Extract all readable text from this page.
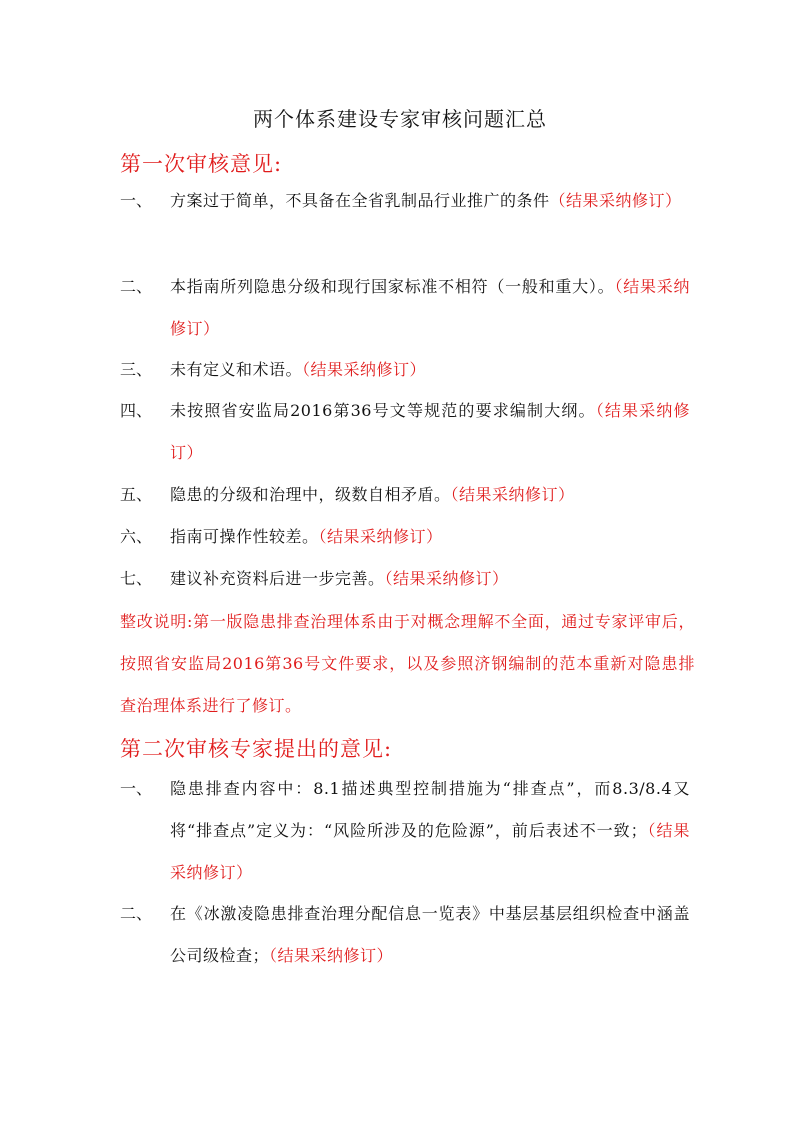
两个体系建设专家审核问题汇总
第一次审核意见:
一、	方案过于简单，不具备在全省乳制品行业推广的条件（结果采纳修订）
二、	本指南所列隐患分级和现行国家标准不相符（一般和重大）。（结果采纳修订）
三、	未有定义和术语。（结果采纳修订）
四、	未按照省安监局2016第36号文等规范的要求编制大纲。（结果采纳修订）
五、	隐患的分级和治理中，级数自相矛盾。（结果采纳修订）
六、	指南可操作性较差。（结果采纳修订）
七、	建议补充资料后进一步完善。（结果采纳修订）
整改说明:第一版隐患排查治理体系由于对概念理解不全面，通过专家评审后，按照省安监局2016第36号文件要求，以及参照济钢编制的范本重新对隐患排查治理体系进行了修订。
第二次审核专家提出的意见:
一、	隐患排查内容中：8.1描述典型控制措施为“排查点”，而8.3/8.4又将“排查点”定义为：“风险所涉及的危险源”，前后表述不一致；（结果采纳修订）
二、	在《冰激凌隐患排查治理分配信息一览表》中基层基层组织检查中涵盖公司级检查；（结果采纳修订）
